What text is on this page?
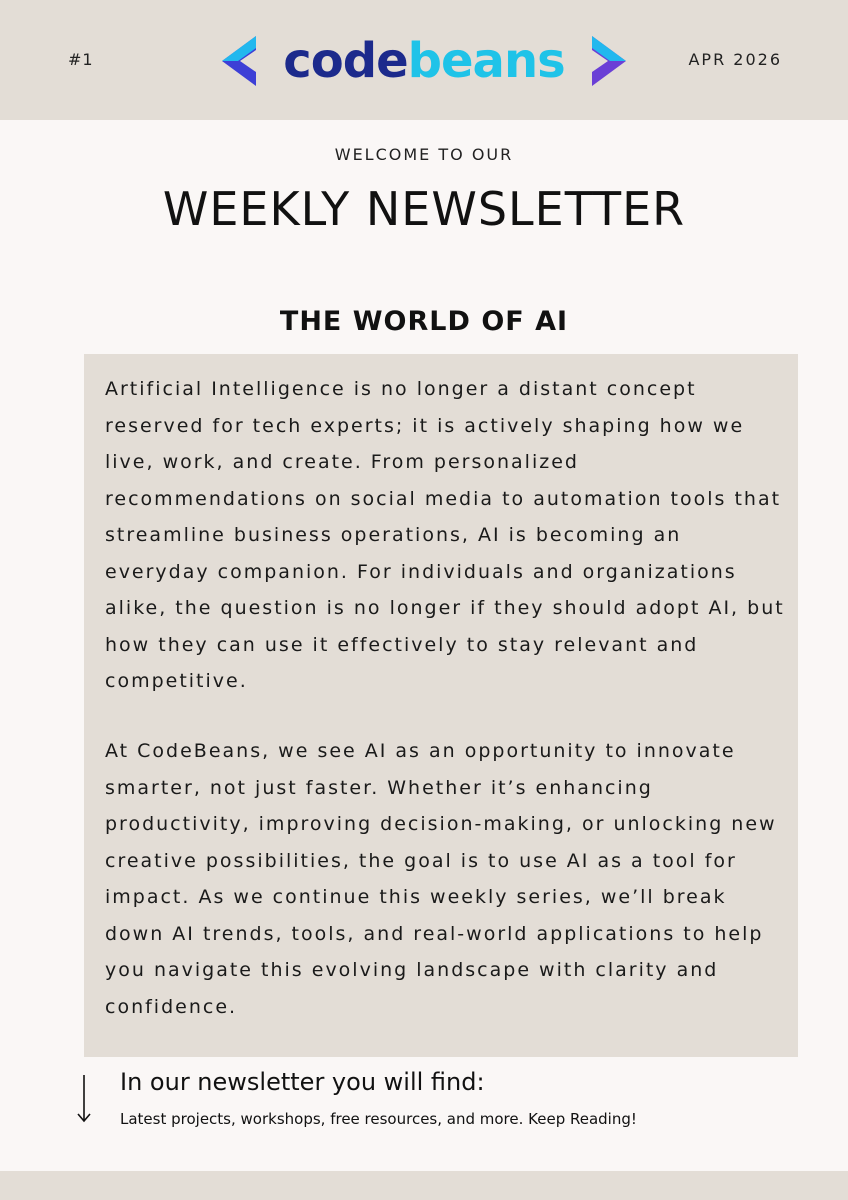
#1	codebeans	APR 2026
WELCOME TO OUR
WEEKLY NEWSLETTER
THE WORLD OF AI

Artificial Intelligence is no longer a distant concept reserved for tech experts; it is actively shaping how we live, work, and create. From personalized recommendations on social media to automation tools that streamline business operations, AI is becoming an everyday companion. For individuals and organizations alike, the question is no longer if they should adopt AI, but how they can use it effectively to stay relevant and competitive.

At CodeBeans, we see AI as an opportunity to innovate smarter, not just faster. Whether it’s enhancing productivity, improving decision-making, or unlocking new creative possibilities, the goal is to use AI as a tool for impact. As we continue this weekly series, we’ll break down AI trends, tools, and real-world applications to help you navigate this evolving landscape with clarity and confidence.

In our newsletter you will find:
Latest projects, workshops, free resources, and more. Keep Reading!
